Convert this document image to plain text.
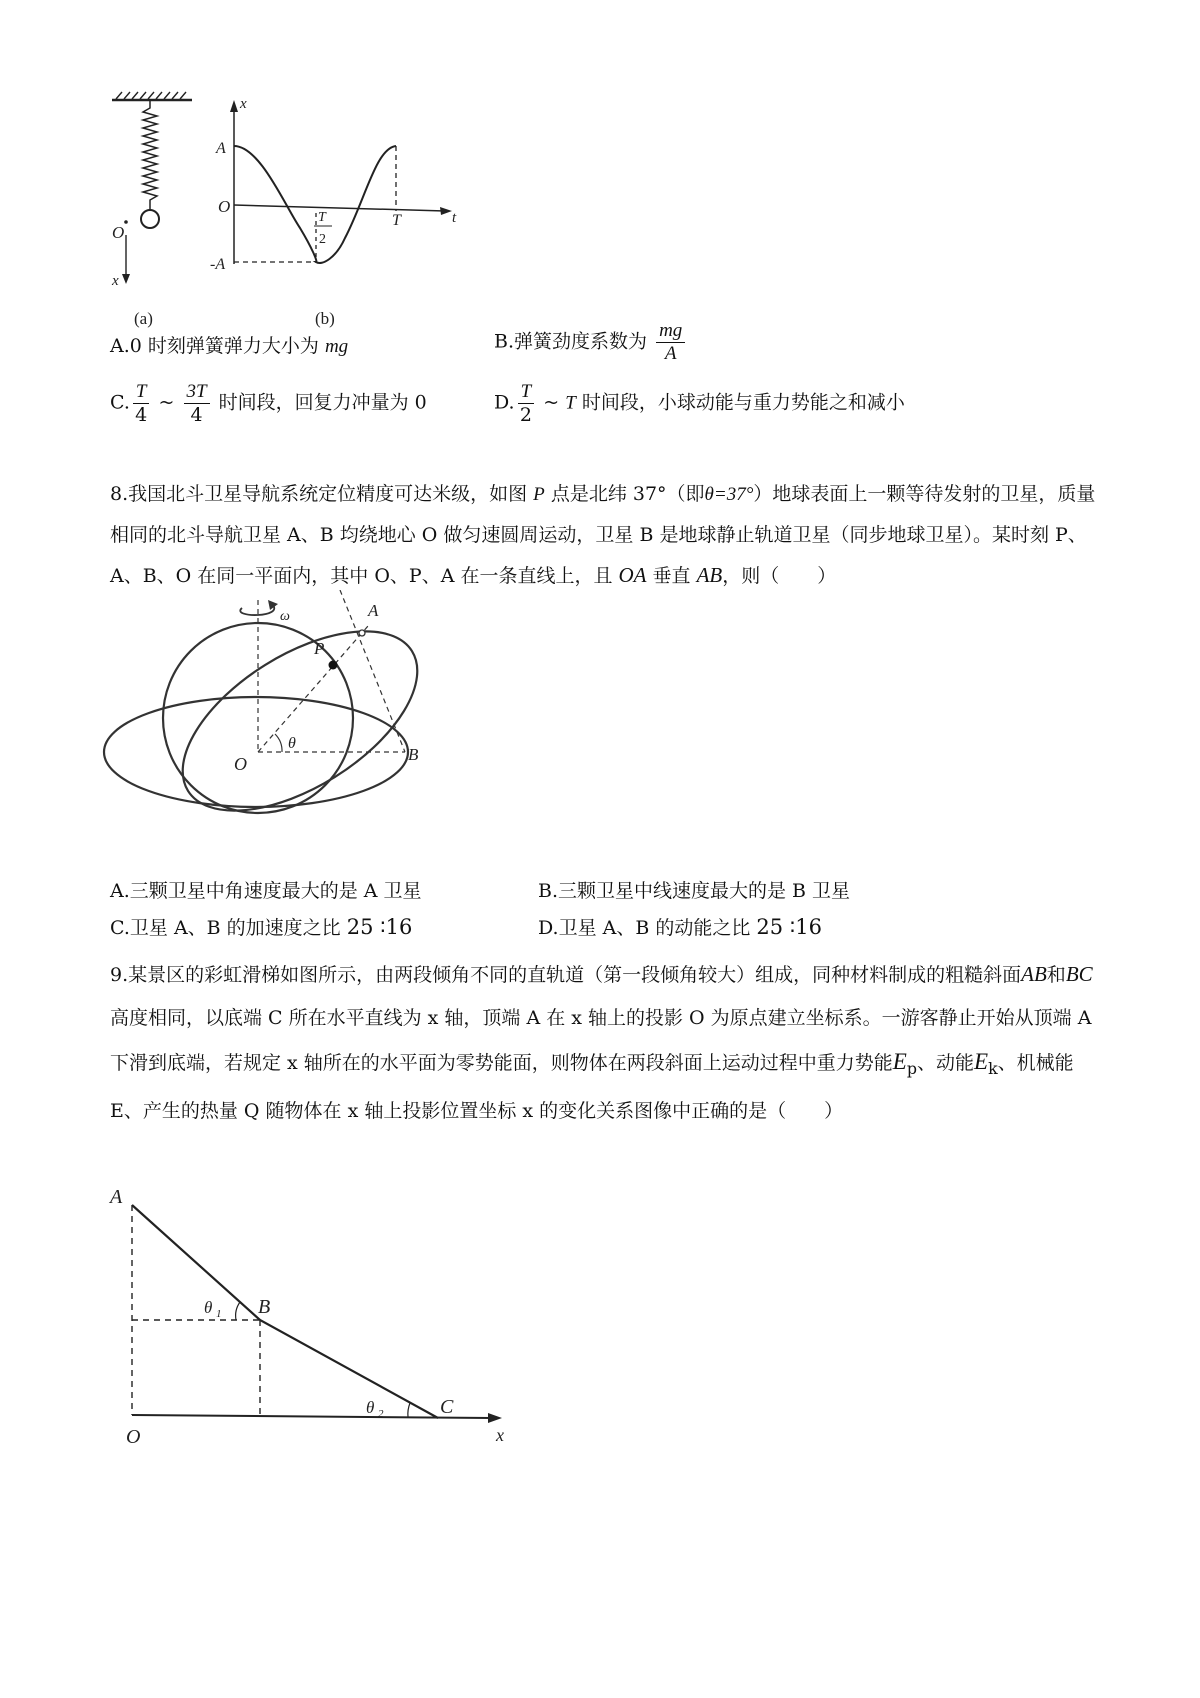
O
x
(a)
x
t
A
O
-A
T
2
T
(b)
A.0 时刻弹簧弹力大小为 mg	B.弹簧劲度系数为 $\frac{mg}{A}$
C. $\frac{T}{4}$ ~ $\frac{3T}{4}$ 时间段，回复力冲量为 0	D. $\frac{T}{2}$ ~ T 时间段，小球动能与重力势能之和减小
8.我国北斗卫星导航系统定位精度可达米级，如图 P 点是北纬 37°（即θ=37°）地球表面上一颗等待发射的卫星，质量相同的北斗导航卫星 A、B 均绕地心 O 做匀速圆周运动，卫星 B 是地球静止轨道卫星（同步地球卫星）。某时刻 P、A、B、O 在同一平面内，其中 O、P、A 在一条直线上，且 OA 垂直 AB，则（　　）
ω
θ
P
A
O	B
A.三颗卫星中角速度最大的是 A 卫星	B.三颗卫星中线速度最大的是 B 卫星
C.卫星 A、B 的加速度之比 25 ∶16	D.卫星 A、B 的动能之比 25 ∶16
9.某景区的彩虹滑梯如图所示，由两段倾角不同的直轨道（第一段倾角较大）组成，同种材料制成的粗糙斜面AB和BC高度相同，以底端 C 所在水平直线为 x 轴，顶端 A 在 x 轴上的投影 O 为原点建立坐标系。一游客静止开始从顶端 A 下滑到底端，若规定 x 轴所在的水平面为零势能面，则物体在两段斜面上运动过程中重力势能$E_p$、动能$E_k$、机械能 E、产生的热量 Q 随物体在 x 轴上投影位置坐标 x 的变化关系图像中正确的是（　　）
x
A
B
C
O
θ 1
θ 2
